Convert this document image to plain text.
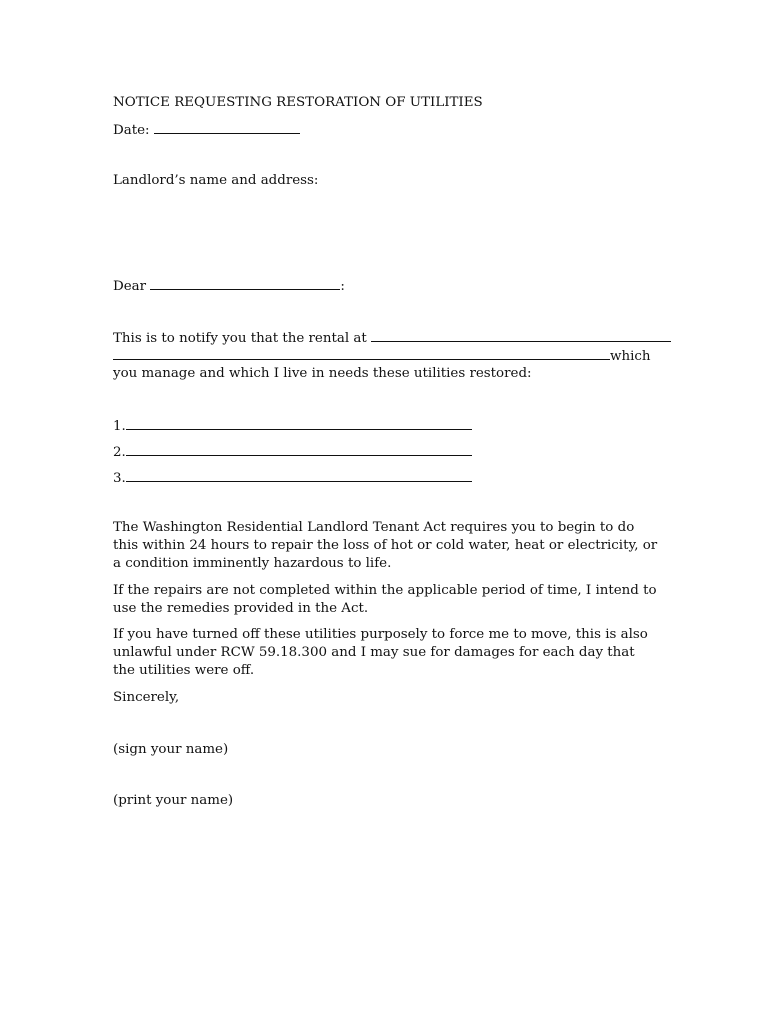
NOTICE REQUESTING RESTORATION OF UTILITIES
Date:
Landlord’s name and address:
Dear	:
This is to notify you that the rental at
which
you manage and which I live in needs these utilities restored:
1.
2.
3.
The Washington Residential Landlord Tenant Act requires you to begin to do this within 24 hours to repair the loss of hot or cold water, heat or electricity, or a condition imminently hazardous to life.
If the repairs are not completed within the applicable period of time, I intend to use the remedies provided in the Act.
If you have turned off these utilities purposely to force me to move, this is also unlawful under RCW 59.18.300 and I may sue for damages for each day that the utilities were off.
Sincerely,
(sign your name)
(print your name)
